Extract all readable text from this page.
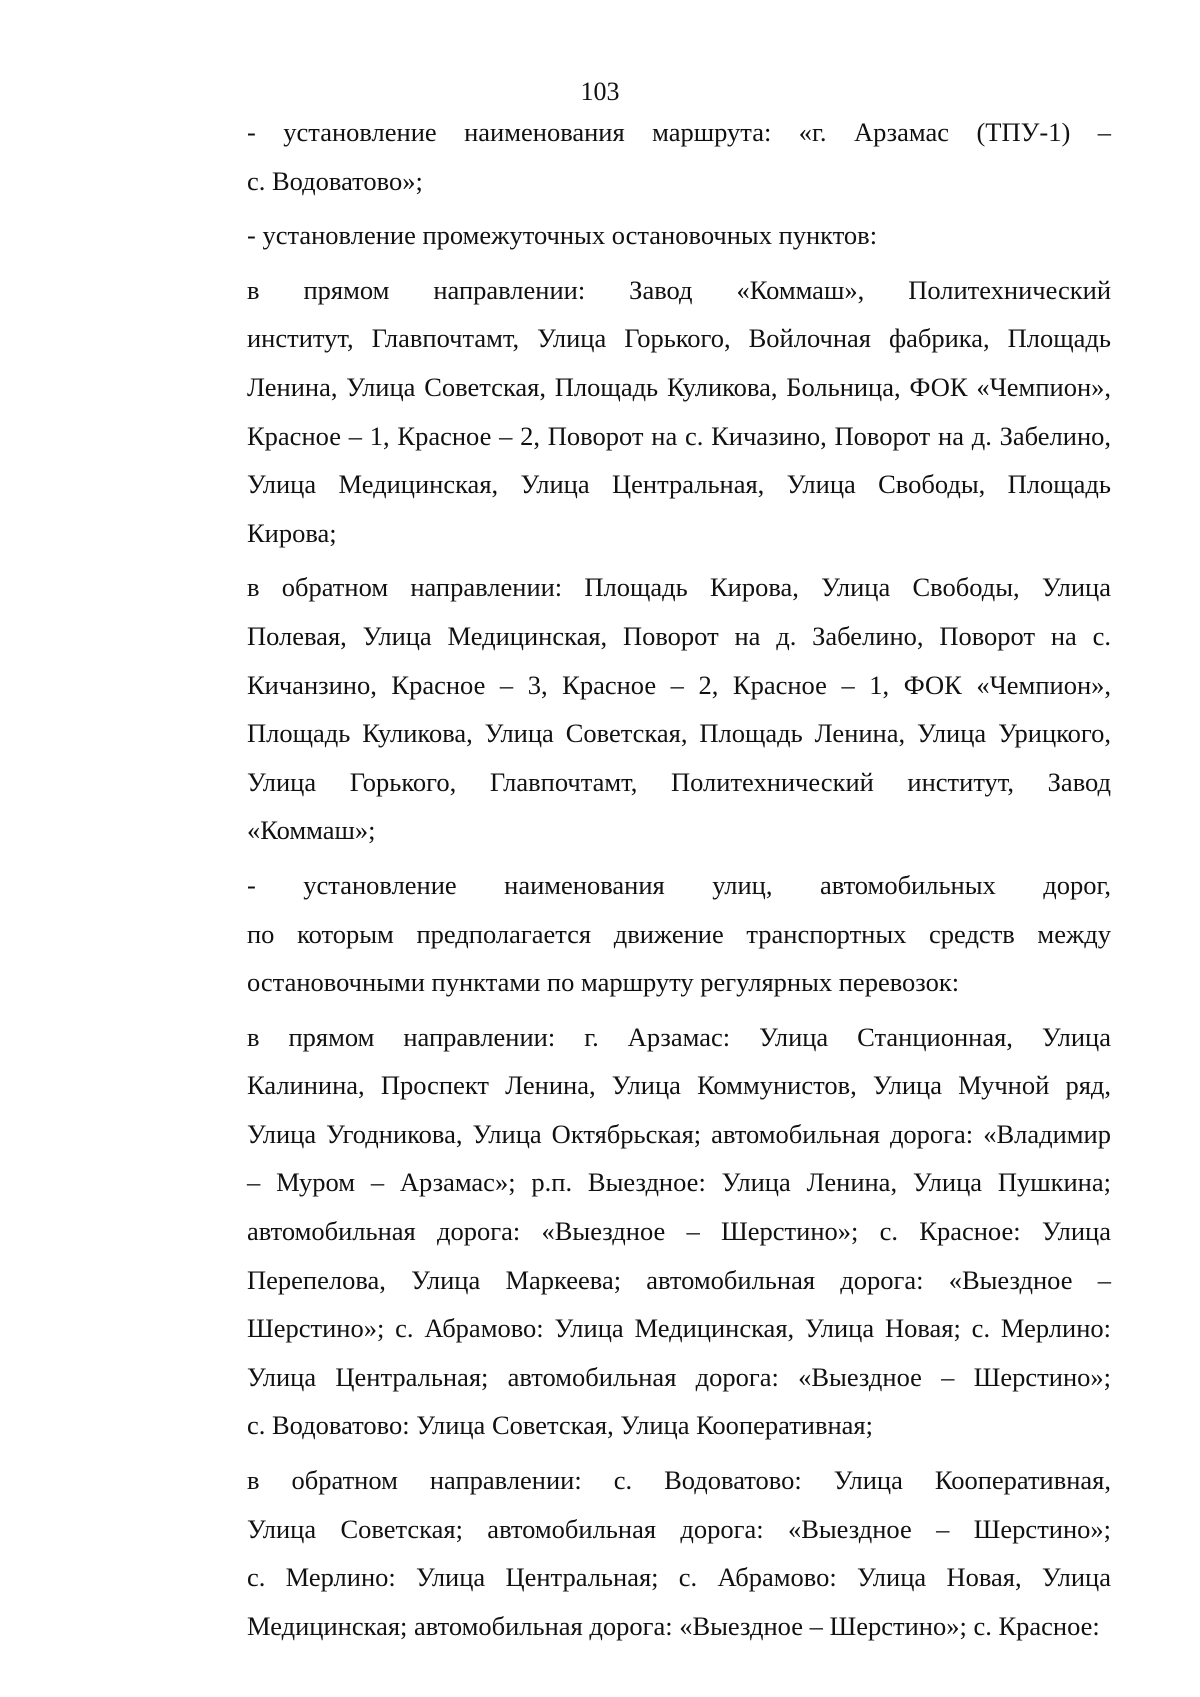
103
- установление наименования маршрута: «г. Арзамас (ТПУ-1) –
с. Водоватово»;
- установление промежуточных остановочных пунктов:
в прямом направлении: Завод «Коммаш», Политехнический
институт, Главпочтамт, Улица Горького, Войлочная фабрика, Площадь
Ленина, Улица Советская, Площадь Куликова, Больница, ФОК «Чемпион»,
Красное – 1, Красное – 2, Поворот на с. Кичазино, Поворот на д. Забелино,
Улица Медицинская, Улица Центральная, Улица Свободы, Площадь
Кирова;
в обратном направлении: Площадь Кирова, Улица Свободы, Улица
Полевая, Улица Медицинская, Поворот на д. Забелино, Поворот на с.
Кичанзино, Красное – 3, Красное – 2, Красное – 1, ФОК «Чемпион»,
Площадь Куликова, Улица Советская, Площадь Ленина, Улица Урицкого,
Улица Горького, Главпочтамт, Политехнический институт, Завод
«Коммаш»;
- установление наименования улиц, автомобильных дорог,
по которым предполагается движение транспортных средств между
остановочными пунктами по маршруту регулярных перевозок:
в прямом направлении: г. Арзамас: Улица Станционная, Улица
Калинина, Проспект Ленина, Улица Коммунистов, Улица Мучной ряд,
Улица Угодникова, Улица Октябрьская; автомобильная дорога: «Владимир
– Муром – Арзамас»; р.п. Выездное: Улица Ленина, Улица Пушкина;
автомобильная дорога: «Выездное – Шерстино»; с. Красное: Улица
Перепелова, Улица Маркеева; автомобильная дорога: «Выездное –
Шерстино»; с. Абрамово: Улица Медицинская, Улица Новая; с. Мерлино:
Улица Центральная; автомобильная дорога: «Выездное – Шерстино»;
с. Водоватово: Улица Советская, Улица Кооперативная;
в обратном направлении: с. Водоватово: Улица Кооперативная,
Улица Советская; автомобильная дорога: «Выездное – Шерстино»;
с. Мерлино: Улица Центральная; с. Абрамово: Улица Новая, Улица
Медицинская; автомобильная дорога: «Выездное – Шерстино»; с. Красное:
